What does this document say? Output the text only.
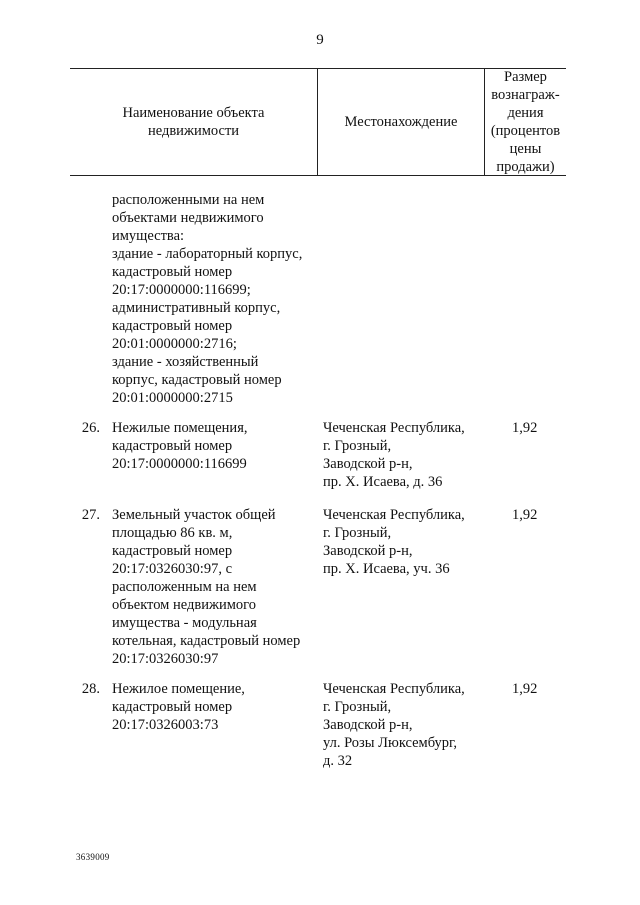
9
Наименование объекта
недвижимости
Местонахождение
Размер
вознаграж-
дения
(процентов
цены
продажи)
расположенными на нем
объектами недвижимого
имущества:
здание - лабораторный корпус,
кадастровый номер
20:17:0000000:116699;
административный корпус,
кадастровый номер
20:01:0000000:2716;
здание - хозяйственный
корпус, кадастровый номер
20:01:0000000:2715
26. Нежилые помещения,
кадастровый номер
20:17:0000000:116699
Чеченская Республика,
г. Грозный,
Заводской р-н,
пр. Х. Исаева, д. 36
1,92
27. Земельный участок общей
площадью 86 кв. м,
кадастровый номер
20:17:0326030:97, с
расположенным на нем
объектом недвижимого
имущества - модульная
котельная, кадастровый номер
20:17:0326030:97
Чеченская Республика,
г. Грозный,
Заводской р-н,
пр. Х. Исаева, уч. 36
1,92
28. Нежилое помещение,
кадастровый номер
20:17:0326003:73
Чеченская Республика,
г. Грозный,
Заводской р-н,
ул. Розы Люксембург,
д. 32
1,92
3639009
